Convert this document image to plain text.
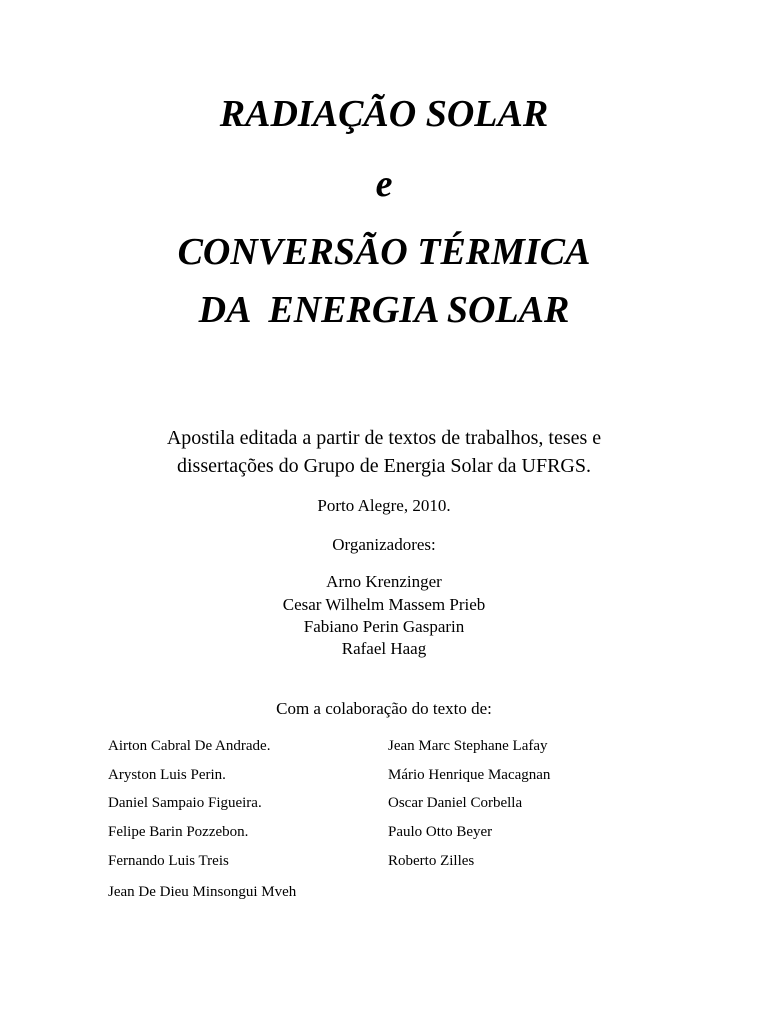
RADIAÇÃO SOLAR
e
CONVERSÃO TÉRMICA
DA  ENERGIA SOLAR
Apostila editada a partir de textos de trabalhos, teses e
dissertações do Grupo de Energia Solar da UFRGS.
Porto Alegre, 2010.
Organizadores:
Arno Krenzinger
Cesar Wilhelm Massem Prieb
Fabiano Perin Gasparin
Rafael Haag
Com a colaboração do texto de:
Airton Cabral De Andrade.
Aryston Luis Perin.
Daniel Sampaio Figueira.
Felipe Barin Pozzebon.
Fernando Luis Treis
Jean De Dieu Minsongui Mveh
Jean Marc Stephane Lafay
Mário Henrique Macagnan
Oscar Daniel Corbella
Paulo Otto Beyer
Roberto Zilles
